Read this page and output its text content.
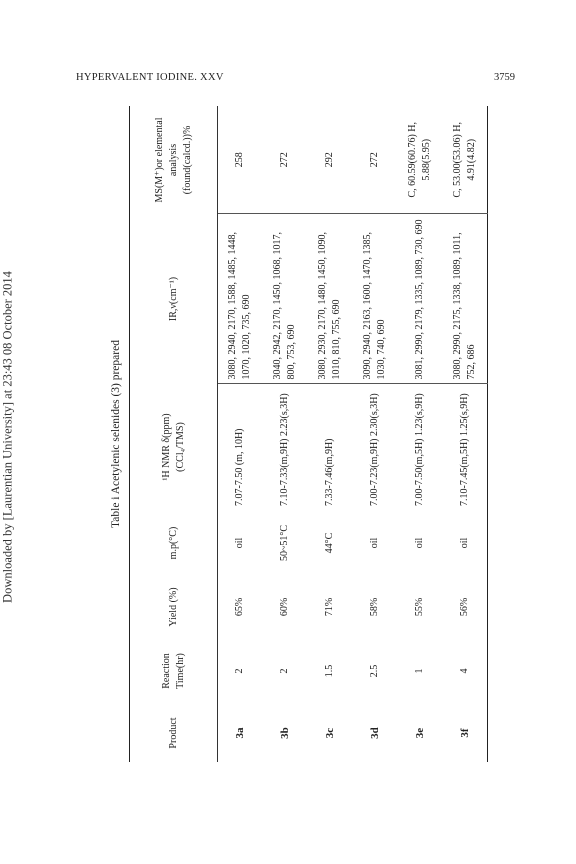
HYPERVALENT IODINE. XXV	3759
Downloaded by [Laurentian University] at 23:43 08 October 2014	Table i Acetylenic selenides (3) prepared
Product	Reaction Time(hr)	Yield (%)	m.p(°C)	¹H NMR δ(ppm) (CCl₄/TMS)	IR,ν(cm⁻¹)	MS(M⁺)or elemental analysis (found(calcd.))%
3a	2	65%	oil	7.07-7.50 (m, 10H)	3080, 2940, 2170, 1588, 1485, 1448, 1070, 1020, 735, 690	258
3b	2	60%	50~51°C	7.10-7.33(m,9H) 2.23(s,3H)	3040, 2942, 2170, 1450, 1068, 1017, 800, 753, 690	272
3c	1.5	71%	44°C	7.33-7.46(m,9H)	3080, 2930, 2170, 1480, 1450, 1090, 1010, 810, 755, 690	292
3d	2.5	58%	oil	7.00-7.23(m,9H) 2.30(s,3H)	3090, 2940, 2163, 1600, 1470, 1385, 1030, 740, 690	272
3e	1	55%	oil	7.00-7.50(m,5H) 1.23(s,9H)	3081, 2990, 2179, 1335, 1089, 730, 690	C, 60.59(60.76) H, 5.88(5.95)
3f	4	56%	oil	7.10-7.45(m,5H) 1.25(s,9H)	3080, 2990, 2175, 1338, 1089, 1011, 752, 686	C, 53.00(53.06) H, 4.91(4.82)
